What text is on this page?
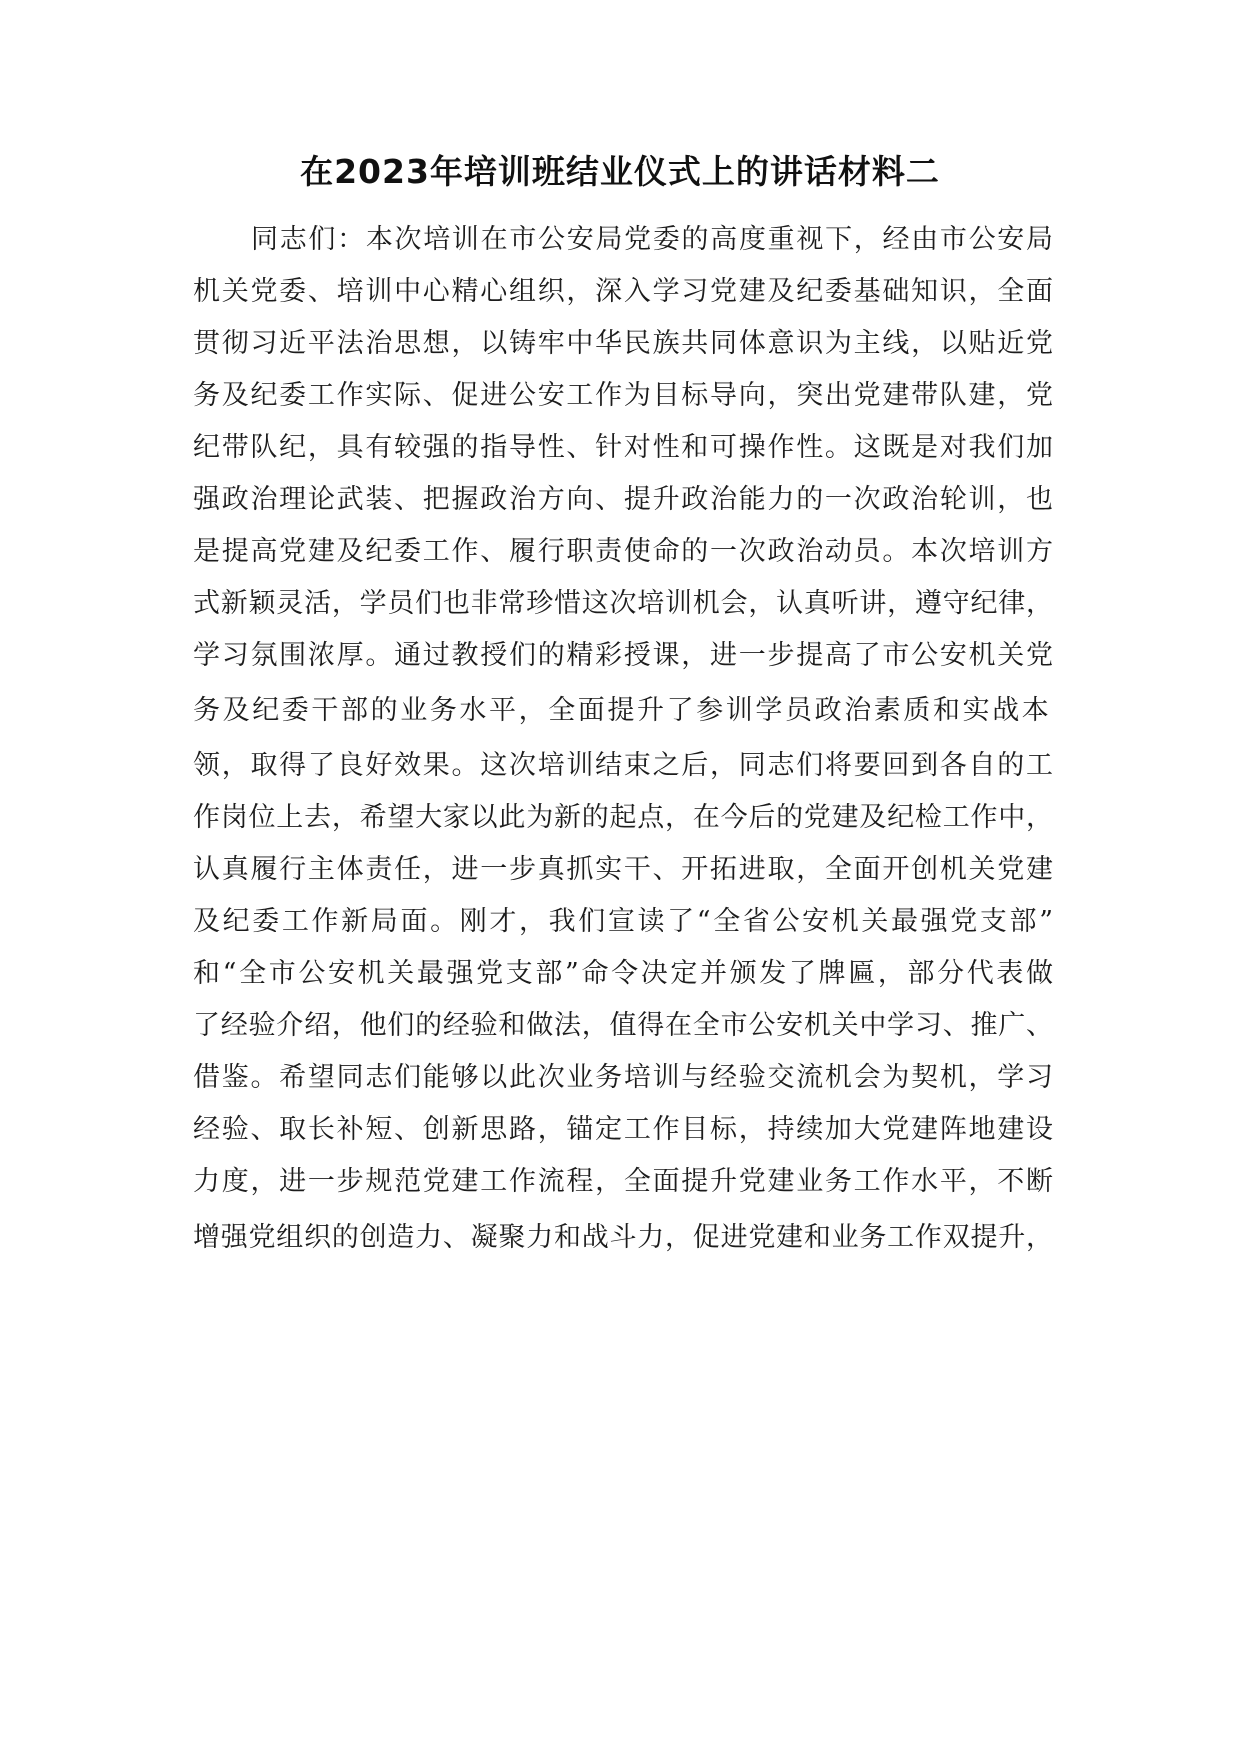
在2023年培训班结业仪式上的讲话材料二
同志们：本次培训在市公安局党委的高度重视下，经由市公安局
机关党委、培训中心精心组织，深入学习党建及纪委基础知识，全面
贯彻习近平法治思想，以铸牢中华民族共同体意识为主线，以贴近党
务及纪委工作实际、促进公安工作为目标导向，突出党建带队建，党
纪带队纪，具有较强的指导性、针对性和可操作性。这既是对我们加
强政治理论武装、把握政治方向、提升政治能力的一次政治轮训，也
是提高党建及纪委工作、履行职责使命的一次政治动员。本次培训方
式新颖灵活，学员们也非常珍惜这次培训机会，认真听讲，遵守纪律，
学习氛围浓厚。通过教授们的精彩授课，进一步提高了市公安机关党
务及纪委干部的业务水平，全面提升了参训学员政治素质和实战本
领，取得了良好效果。这次培训结束之后，同志们将要回到各自的工
作岗位上去，希望大家以此为新的起点，在今后的党建及纪检工作中，
认真履行主体责任，进一步真抓实干、开拓进取，全面开创机关党建
及纪委工作新局面。刚才，我们宣读了“全省公安机关最强党支部”
和“全市公安机关最强党支部”命令决定并颁发了牌匾，部分代表做
了经验介绍，他们的经验和做法，值得在全市公安机关中学习、推广、
借鉴。希望同志们能够以此次业务培训与经验交流机会为契机，学习
经验、取长补短、创新思路，锚定工作目标，持续加大党建阵地建设
力度，进一步规范党建工作流程，全面提升党建业务工作水平，不断
增强党组织的创造力、凝聚力和战斗力，促进党建和业务工作双提升，
